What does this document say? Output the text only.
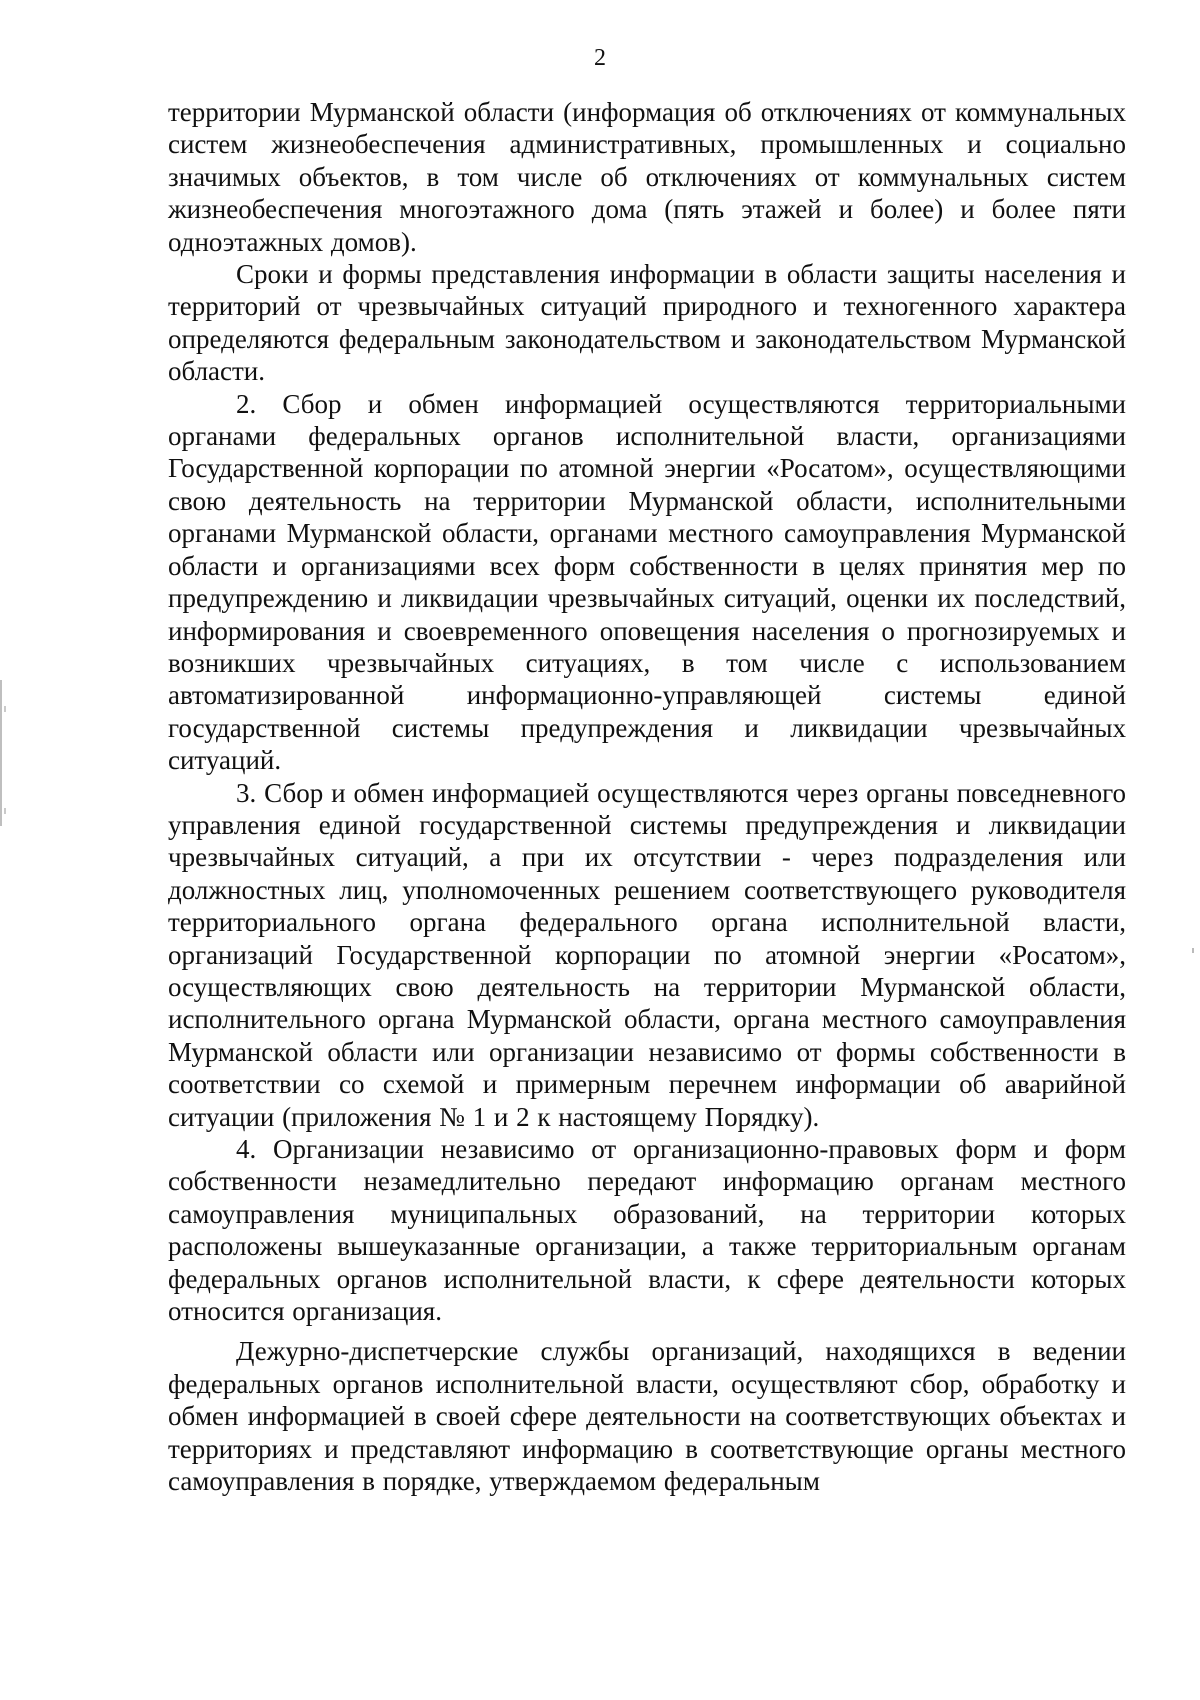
2

территории Мурманской области (информация об отключениях от коммунальных систем жизнеобеспечения административных, промышленных и социально значимых объектов, в том числе об отключениях от коммунальных систем жизнеобеспечения многоэтажного дома (пять этажей и более) и более пяти одноэтажных домов).

Сроки и формы представления информации в области защиты населения и территорий от чрезвычайных ситуаций природного и техногенного характера определяются федеральным законодательством и законодательством Мурманской области.

2. Сбор и обмен информацией осуществляются территориальными органами федеральных органов исполнительной власти, организациями Государственной корпорации по атомной энергии «Росатом», осуществляющими свою деятельность на территории Мурманской области, исполнительными органами Мурманской области, органами местного самоуправления Мурманской области и организациями всех форм собственности в целях принятия мер по предупреждению и ликвидации чрезвычайных ситуаций, оценки их последствий, информирования и своевременного оповещения населения о прогнозируемых и возникших чрезвычайных ситуациях, в том числе с использованием автоматизированной информационно-управляющей системы единой государственной системы предупреждения и ликвидации чрезвычайных ситуаций.

3. Сбор и обмен информацией осуществляются через органы повседневного управления единой государственной системы предупреждения и ликвидации чрезвычайных ситуаций, а при их отсутствии - через подразделения или должностных лиц, уполномоченных решением соответствующего руководителя территориального органа федерального органа исполнительной власти, организаций Государственной корпорации по атомной энергии «Росатом», осуществляющих свою деятельность на территории Мурманской области, исполнительного органа Мурманской области, органа местного самоуправления Мурманской области или организации независимо от формы собственности в соответствии со схемой и примерным перечнем информации об аварийной ситуации (приложения № 1 и 2 к настоящему Порядку).

4. Организации независимо от организационно-правовых форм и форм собственности незамедлительно передают информацию органам местного самоуправления муниципальных образований, на территории которых расположены вышеуказанные организации, а также территориальным органам федеральных органов исполнительной власти, к сфере деятельности которых относится организация.

Дежурно-диспетчерские службы организаций, находящихся в ведении федеральных органов исполнительной власти, осуществляют сбор, обработку и обмен информацией в своей сфере деятельности на соответствующих объектах и территориях и представляют информацию в соответствующие органы местного самоуправления в порядке, утверждаемом федеральным
